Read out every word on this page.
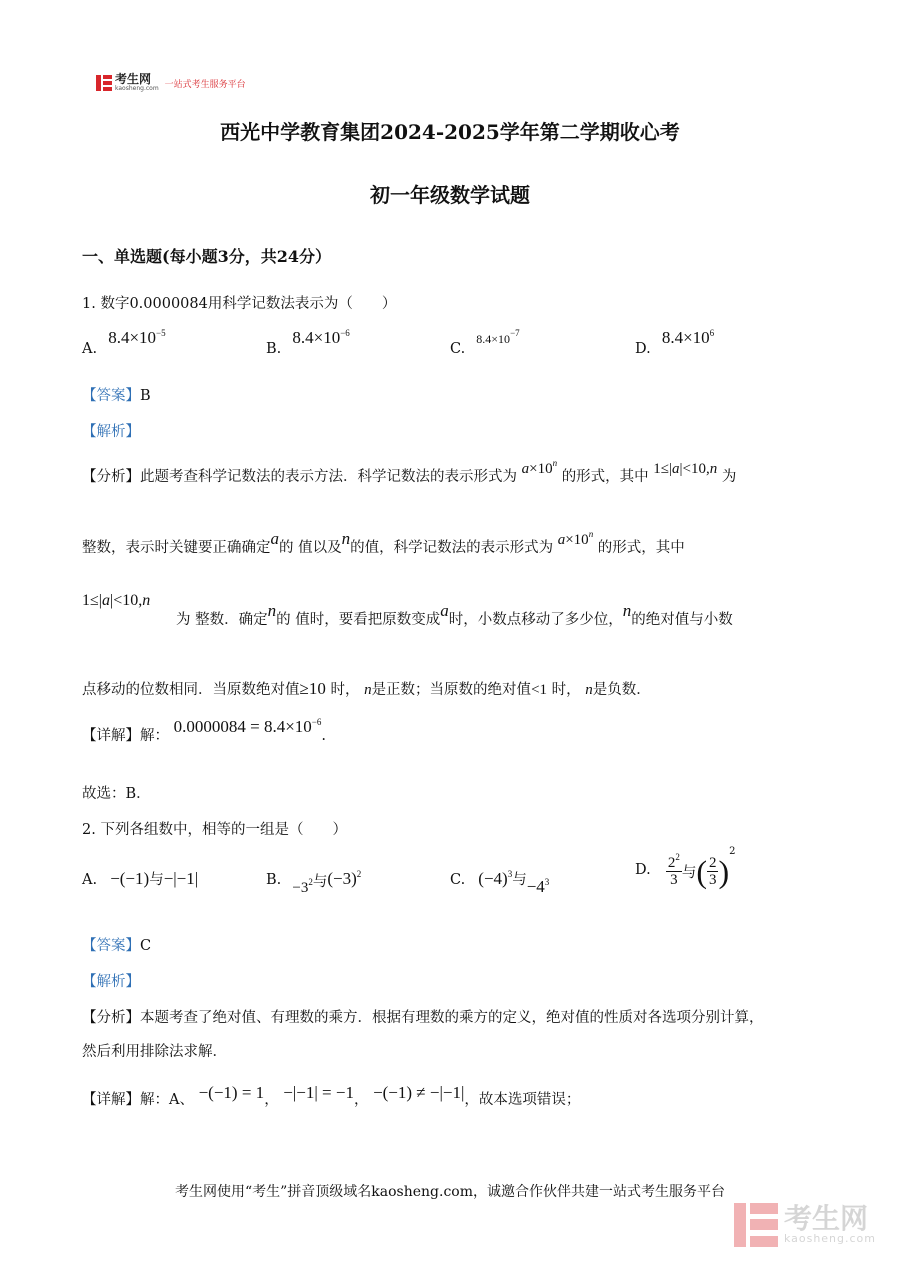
考生网
kaosheng.com 一站式考生服务平台
西光中学教育集团2024-2025学年第二学期收心考
初一年级数学试题
一、单选题(每小题3分，共24分）
1. 数字0.0000084用科学记数法表示为（　　）
A. $8.4\times 10^{-5}$
B. $8.4\times 10^{-6}$
C. $8.4\times 10^{-7}$
D. $8.4\times 10^6$
【答案】B
【解析】
【分析】此题考查科学记数法的表示方法．科学记数法的表示形式为 $a\times 10^n$ 的形式，其中 1≤|a|<10,n 为
整数，表示时关键要正确确定a的 值以及n的值，科学记数法的表示形式为 $a\times 10^n$ 的形式，其中
1≤|a|<10,n
为 整数．确定n的 值时，要看把原数变成a时，小数点移动了多少位，n的绝对值与小数
点移动的位数相同．当原数绝对值≥10 时， n是正数；当原数的绝对值<1 时， n是负数．
【详解】解： $0.0000084 = 8.4\times 10^{-6}$.
故选：B．
2. 下列各组数中，相等的一组是（　　）
A. −(−1)与−|−1|	B. $-3^2$与$(-3)^2$	C. $(-4)^3$与$-4^3$
D. $\frac{2^2}{3}$ 与( $\frac{2}{3} )^2$
【答案】C
【解析】
【分析】本题考查了绝对值、有理数的乘方．根据有理数的乘方的定义，绝对值的性质对各选项分别计算，
然后利用排除法求解．
【详解】解：A、 −(−1) = 1， −|−1| = −1， −(−1) ≠ −|−1|，故本选项错误；
考生网使用“考生”拼音顶级域名kaosheng.com，诚邀合作伙伴共建一站式考生服务平台
考生网
kaosheng.com
